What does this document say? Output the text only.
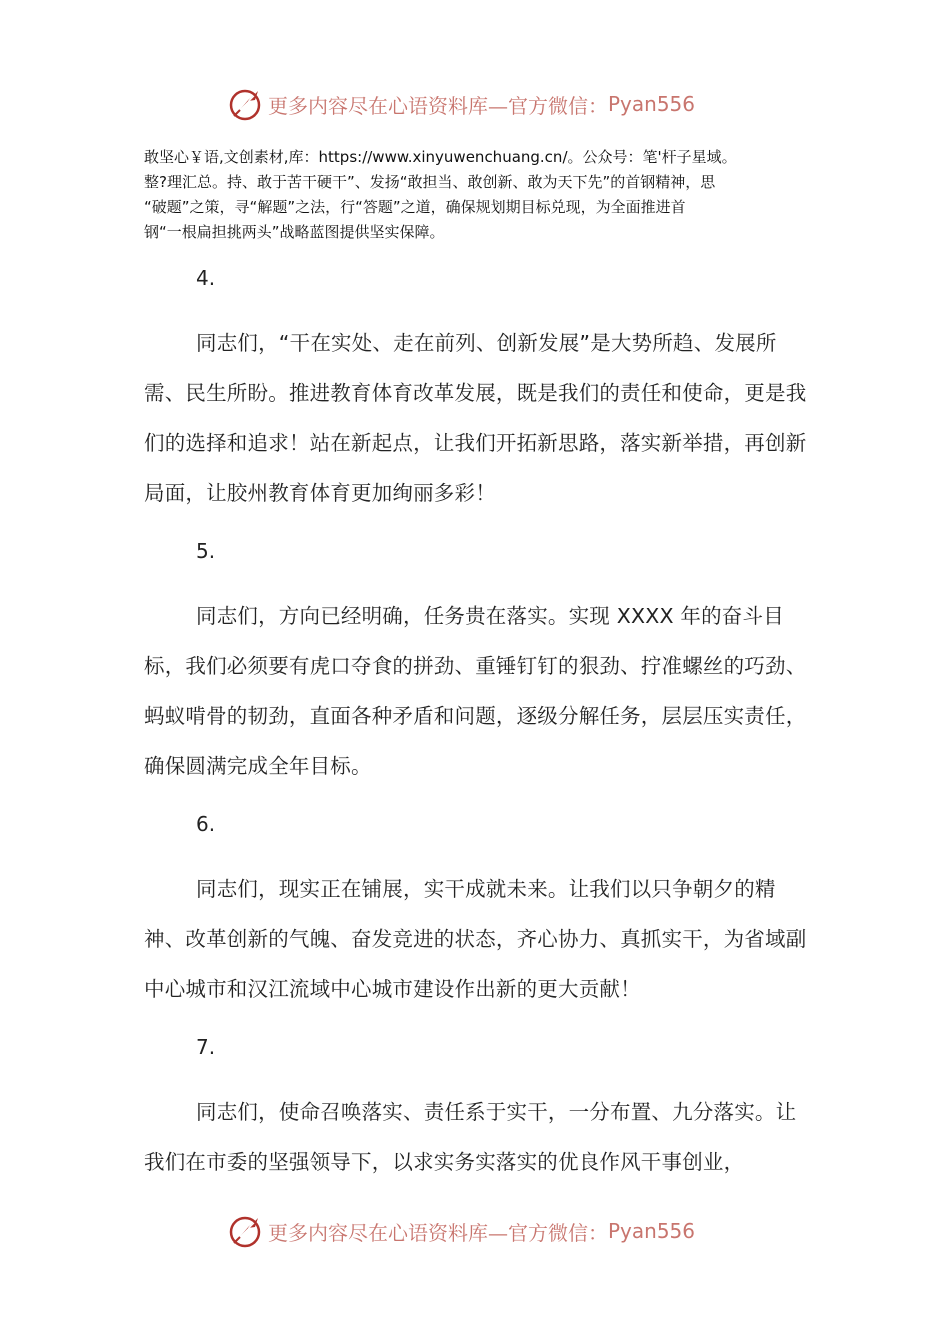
更多内容尽在心语资料库—官方微信： Pyan556
敢坚心￥语,文创素材,库：https://www.xinyuwenchuang.cn/。公众号：笔'杆子星域。
整?理汇总。持、敢于苦干硬干”、发扬“敢担当、敢创新、敢为天下先”的首钢精神，思
“破题”之策，寻“解题”之法，行“答题”之道，确保规划期目标兑现，为全面推进首
钢“一根扁担挑两头”战略蓝图提供坚实保障。
4.
同志们，“干在实处、走在前列、创新发展”是大势所趋、发展所需、民生所盼。推进教育体育改革发展，既是我们的责任和使命，更是我们的选择和追求！站在新起点，让我们开拓新思路，落实新举措，再创新局面，让胶州教育体育更加绚丽多彩！
5.
同志们，方向已经明确，任务贵在落实。实现 XXXX 年的奋斗目标，我们必须要有虎口夺食的拼劲、重锤钉钉的狠劲、拧准螺丝的巧劲、蚂蚁啃骨的韧劲，直面各种矛盾和问题，逐级分解任务，层层压实责任，确保圆满完成全年目标。
6.
同志们，现实正在铺展，实干成就未来。让我们以只争朝夕的精神、改革创新的气魄、奋发竞进的状态，齐心协力、真抓实干，为省域副中心城市和汉江流域中心城市建设作出新的更大贡献！
7.
同志们，使命召唤落实、责任系于实干，一分布置、九分落实。让我们在市委的坚强领导下，以求实务实落实的优良作风干事创业，
更多内容尽在心语资料库—官方微信： Pyan556
